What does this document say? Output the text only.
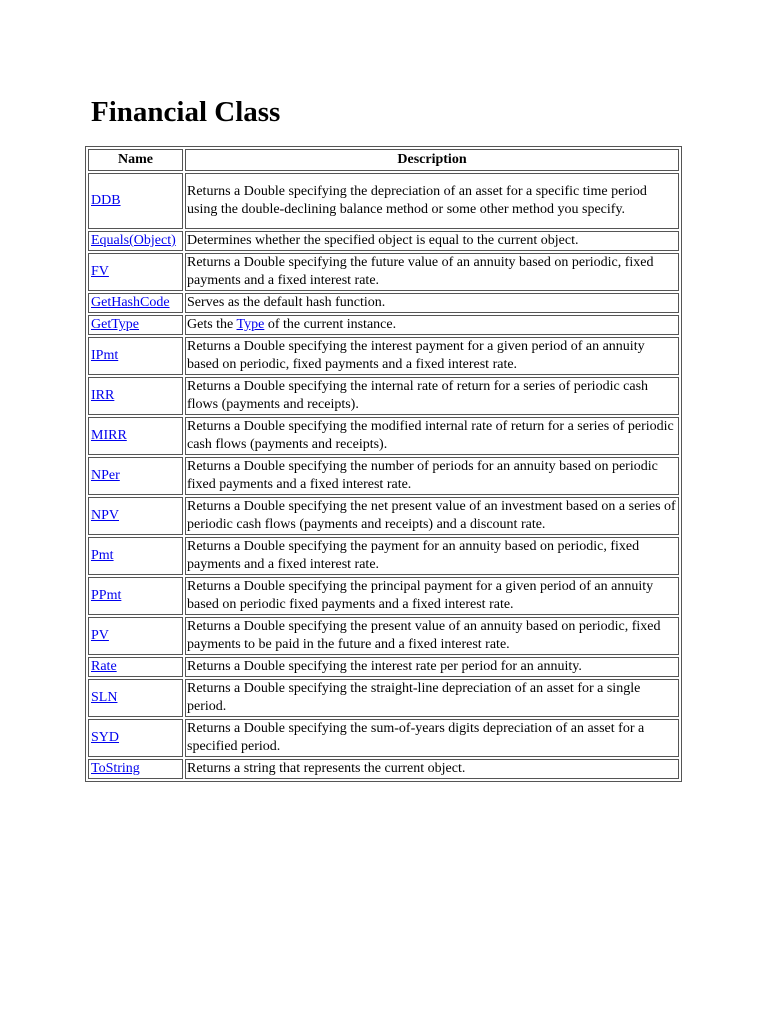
Financial Class
Name	Description
DDB	Returns a Double specifying the depreciation of an asset for a specific time period using the double-declining balance method or some other method you specify.
Equals(Object)	Determines whether the specified object is equal to the current object.
FV	Returns a Double specifying the future value of an annuity based on periodic, fixed payments and a fixed interest rate.
GetHashCode	Serves as the default hash function.
GetType	Gets the Type of the current instance.
IPmt	Returns a Double specifying the interest payment for a given period of an annuity based on periodic, fixed payments and a fixed interest rate.
IRR	Returns a Double specifying the internal rate of return for a series of periodic cash flows (payments and receipts).
MIRR	Returns a Double specifying the modified internal rate of return for a series of periodic cash flows (payments and receipts).
NPer	Returns a Double specifying the number of periods for an annuity based on periodic fixed payments and a fixed interest rate.
NPV	Returns a Double specifying the net present value of an investment based on a series of periodic cash flows (payments and receipts) and a discount rate.
Pmt	Returns a Double specifying the payment for an annuity based on periodic, fixed payments and a fixed interest rate.
PPmt	Returns a Double specifying the principal payment for a given period of an annuity based on periodic fixed payments and a fixed interest rate.
PV	Returns a Double specifying the present value of an annuity based on periodic, fixed payments to be paid in the future and a fixed interest rate.
Rate	Returns a Double specifying the interest rate per period for an annuity.
SLN	Returns a Double specifying the straight-line depreciation of an asset for a single period.
SYD	Returns a Double specifying the sum-of-years digits depreciation of an asset for a specified period.
ToString	Returns a string that represents the current object.
